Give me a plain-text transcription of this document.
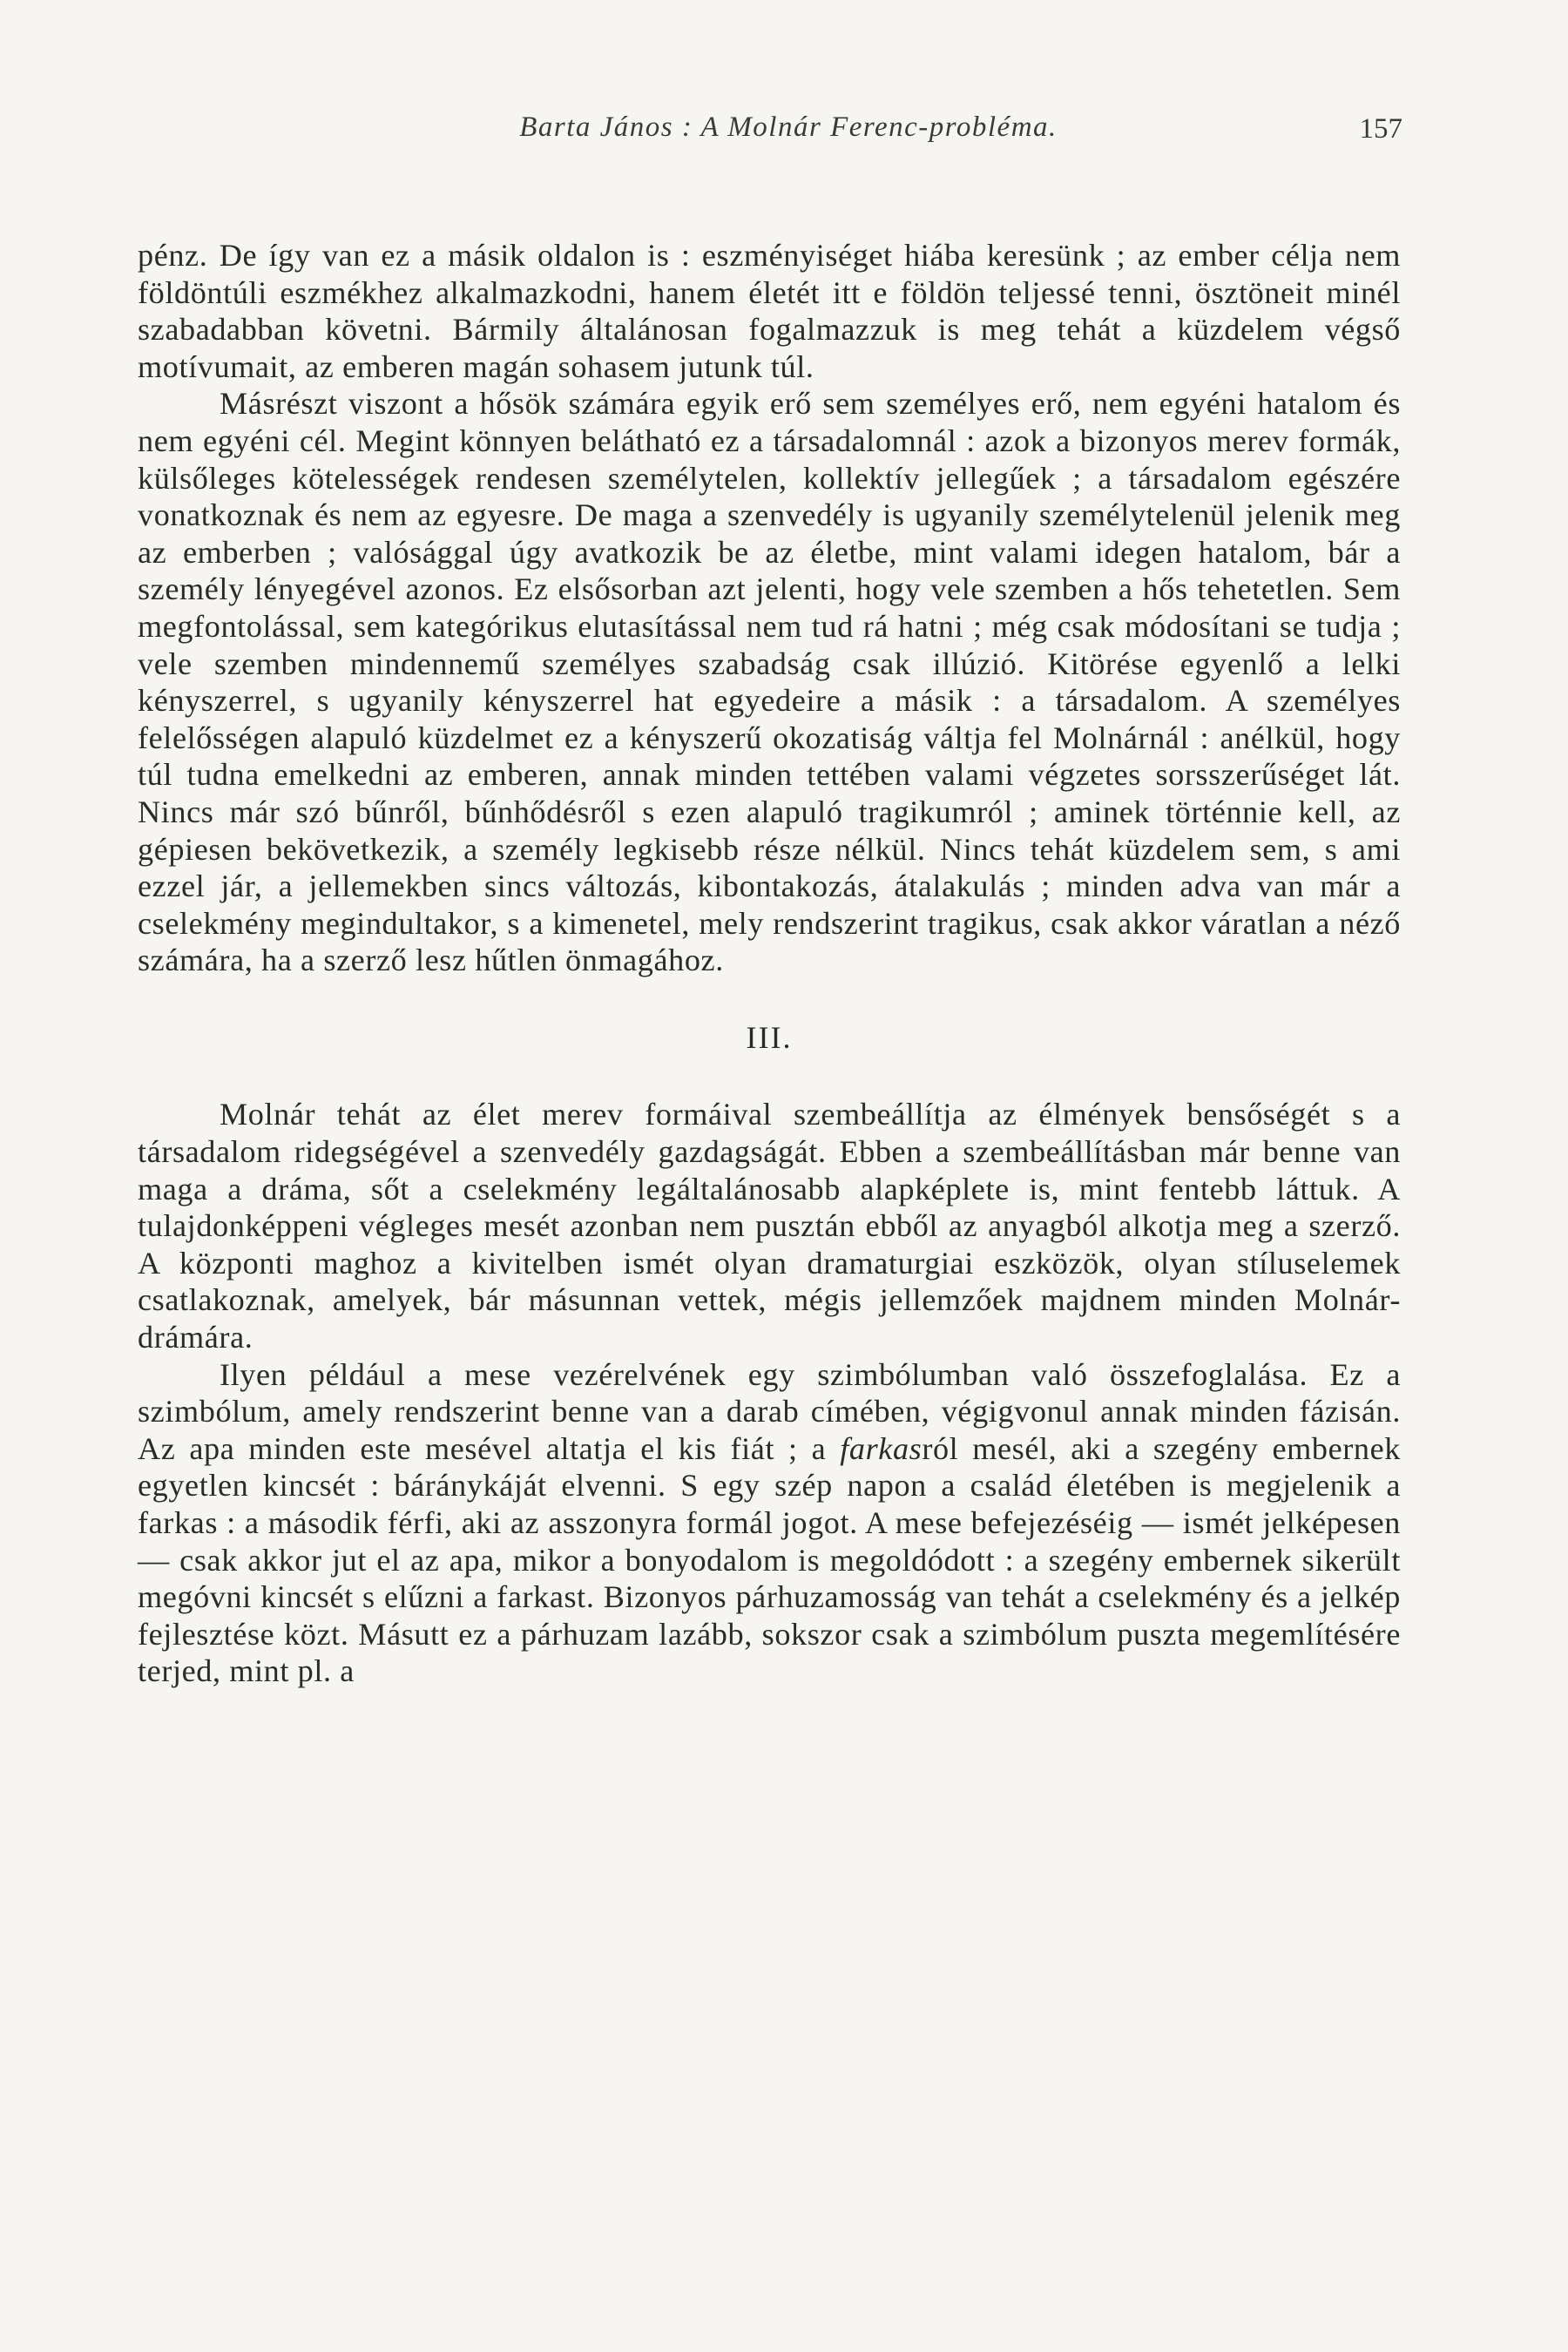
Barta János : A Molnár Ferenc-probléma.	157

pénz. De így van ez a másik oldalon is : eszményiséget hiába keresünk ; az ember célja nem földöntúli eszmékhez alkalmazkodni, hanem életét itt e földön teljessé tenni, ösztöneit minél szabadabban követni. Bármily általánosan fogalmazzuk is meg tehát a küzdelem végső motívumait, az emberen magán sohasem jutunk túl.

Másrészt viszont a hősök számára egyik erő sem személyes erő, nem egyéni hatalom és nem egyéni cél. Megint könnyen belátható ez a társadalomnál : azok a bizonyos merev formák, külsőleges kötelességek rendesen személytelen, kollektív jellegűek ; a társadalom egészére vonatkoznak és nem az egyesre. De maga a szenvedély is ugyanily személytelenül jelenik meg az emberben ; valósággal úgy avatkozik be az életbe, mint valami idegen hatalom, bár a személy lényegével azonos. Ez elsősorban azt jelenti, hogy vele szemben a hős tehetetlen. Sem megfontolással, sem kategórikus elutasítással nem tud rá hatni ; még csak módosítani se tudja ; vele szemben mindennemű személyes szabadság csak illúzió. Kitörése egyenlő a lelki kényszerrel, s ugyanily kényszerrel hat egyedeire a másik : a társadalom. A személyes felelősségen alapuló küzdelmet ez a kényszerű okozatiság váltja fel Molnárnál : anélkül, hogy túl tudna emelkedni az emberen, annak minden tettében valami végzetes sorsszerűséget lát. Nincs már szó bűnről, bűnhődésről s ezen alapuló tragikumról ; aminek történnie kell, az gépiesen bekövetkezik, a személy legkisebb része nélkül. Nincs tehát küzdelem sem, s ami ezzel jár, a jellemekben sincs változás, kibontakozás, átalakulás ; minden adva van már a cselekmény megindultakor, s a kimenetel, mely rendszerint tragikus, csak akkor váratlan a néző számára, ha a szerző lesz hűtlen önmagához.

III.

Molnár tehát az élet merev formáival szembeállítja az élmények bensőségét s a társadalom ridegségével a szenvedély gazdagságát. Ebben a szembeállításban már benne van maga a dráma, sőt a cselekmény legáltalánosabb alapképlete is, mint fentebb láttuk. A tulajdonképpeni végleges mesét azonban nem pusztán ebből az anyagból alkotja meg a szerző. A központi maghoz a kivitelben ismét olyan dramaturgiai eszközök, olyan stíluselemek csatlakoznak, amelyek, bár másunnan vettek, mégis jellemzőek majdnem minden Molnár-drámára.

Ilyen például a mese vezérelvének egy szimbólumban való összefoglalása. Ez a szimbólum, amely rendszerint benne van a darab címében, végigvonul annak minden fázisán. Az apa minden este mesével altatja el kis fiát ; a farkasról mesél, aki a szegény embernek egyetlen kincsét : báránykáját elvenni. S egy szép napon a család életében is megjelenik a farkas : a második férfi, aki az asszonyra formál jogot. A mese befejezéséig — ismét jelképesen — csak akkor jut el az apa, mikor a bonyodalom is megoldódott : a szegény embernek sikerült megóvni kincsét s elűzni a farkast. Bizonyos párhuzamosság van tehát a cselekmény és a jelkép fejlesztése közt. Másutt ez a párhuzam lazább, sokszor csak a szimbólum puszta megemlítésére terjed, mint pl. a
